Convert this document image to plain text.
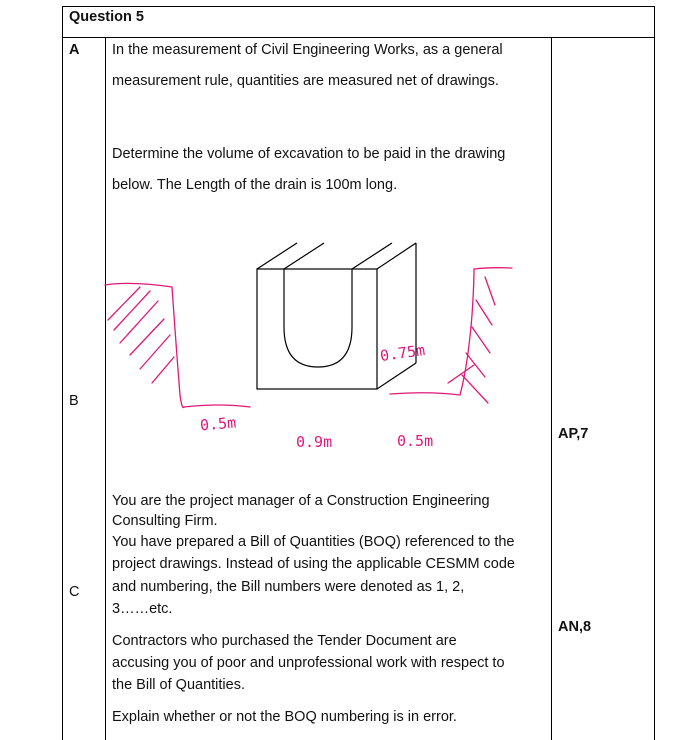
Question 5
A
B
C
In the measurement of Civil Engineering Works, as a general
measurement rule, quantities are measured net of drawings.
Determine the volume of excavation to be paid in the drawing
below. The Length of the drain is 100m long.
0.5m
0.9m	0.5m
0.75m
AP,7
AN,8
You are the project manager of a Construction Engineering
Consulting Firm.
You have prepared a Bill of Quantities (BOQ) referenced to the
project drawings. Instead of using the applicable CESMM code
and numbering, the Bill numbers were denoted as 1, 2,
3……etc.
Contractors who purchased the Tender Document are
accusing you of poor and unprofessional work with respect to
the Bill of Quantities.
Explain whether or not the BOQ numbering is in error.
